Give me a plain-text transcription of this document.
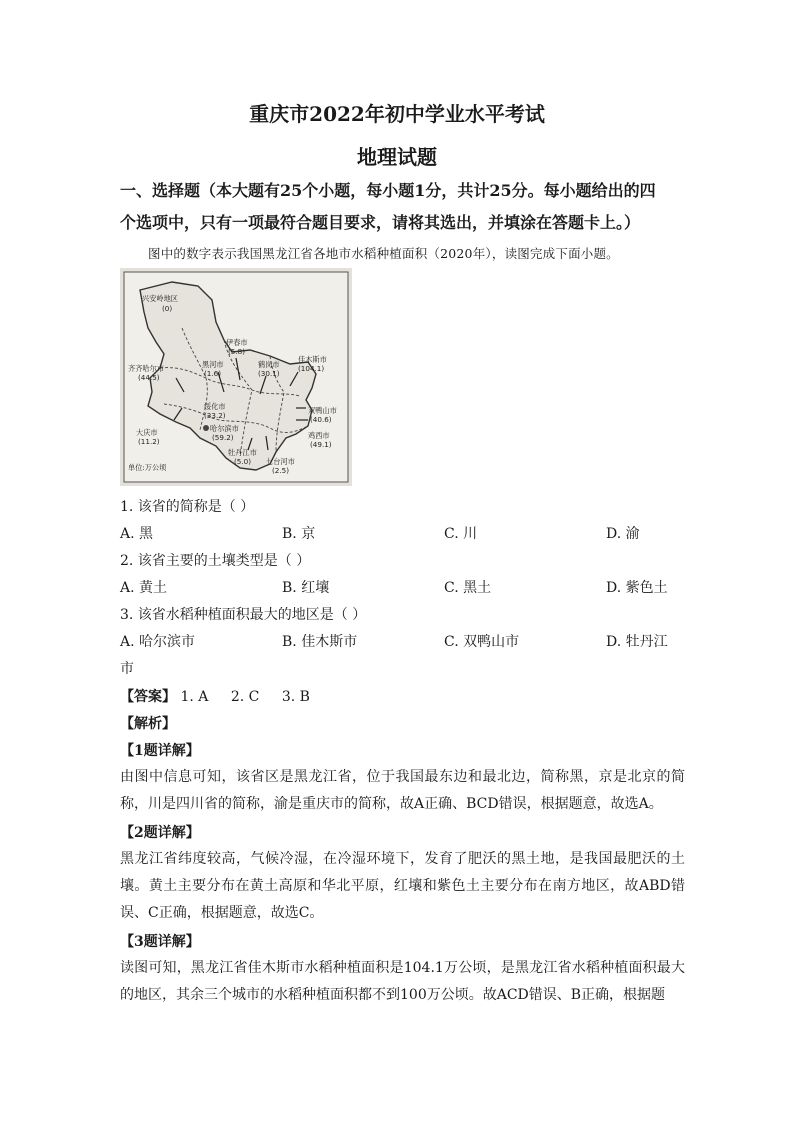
重庆市2022年初中学业水平考试
地理试题
一、选择题（本大题有25个小题，每小题1分，共计25分。每小题给出的四
个选项中，只有一项最符合题目要求，请将其选出，并填涂在答题卡上。）
图中的数字表示我国黑龙江省各地市水稻种植面积（2020年），读图完成下面小题。
兴安岭地区
(0)
伊春市
(5.8)
齐齐哈尔市
(44.5)
黑河市
(1.6)
鹤岗市
(30.1)
佳木斯市
(104.1)
绥化市
(33.2)
双鸭山市
(40.6)
大庆市
(11.2)
哈尔滨市
(59.2)	鸡西市
(49.1)
牡丹江市
(5.0) 七台河市
(2.5)
单位:万公顷
1. 该省的简称是（ ）
A. 黑	B. 京	C. 川	D. 渝
2. 该省主要的土壤类型是（ ）
A. 黄土	B. 红壤	C. 黑土	D. 紫色土
3. 该省水稻种植面积最大的地区是（ ）
A. 哈尔滨市	B. 佳木斯市	C. 双鸭山市	D. 牡丹江
市
【答案】 1. A 2. C 3. B
【解析】
【1题详解】
由图中信息可知，该省区是黑龙江省，位于我国最东边和最北边，简称黑，京是北京的简称，川是四川省的简称，渝是重庆市的简称，故A正确、BCD错误，根据题意，故选A。
【2题详解】
黑龙江省纬度较高，气候冷湿，在冷湿环境下，发育了肥沃的黑土地，是我国最肥沃的土壤。黄土主要分布在黄土高原和华北平原，红壤和紫色土主要分布在南方地区，故ABD错误、C正确，根据题意，故选C。
【3题详解】
读图可知，黑龙江省佳木斯市水稻种植面积是104.1万公顷，是黑龙江省水稻种植面积最大的地区，其余三个城市的水稻种植面积都不到100万公顷。故ACD错误、B正确，根据题
